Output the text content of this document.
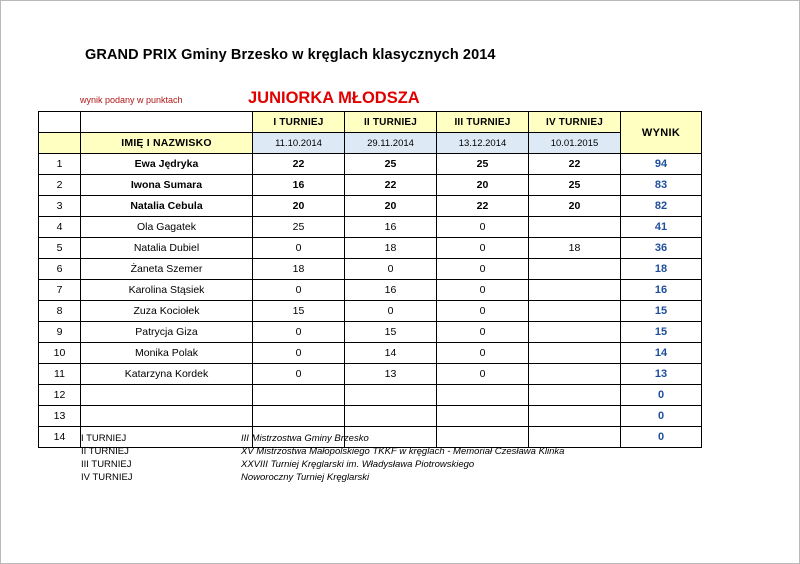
GRAND PRIX Gminy Brzesko w kręglach klasycznych 2014
wynik podany w punktach	JUNIORKA MŁODSZA
		I TURNIEJ	II TURNIEJ	III TURNIEJ	IV TURNIEJ	WYNIK
	IMIĘ I NAZWISKO	11.10.2014	29.11.2014	13.12.2014	10.01.2015	
1	Ewa Jędryka	22	25	25	22	94
2	Iwona Sumara	16	22	20	25	83
3	Natalia Cebula	20	20	22	20	82
4	Ola Gagatek	25	16	0		41
5	Natalia Dubiel	0	18	0	18	36
6	Żaneta Szemer	18	0	0		18
7	Karolina Stąsiek	0	16	0		16
8	Zuza Kociołek	15	0	0		15
9	Patrycja Giza	0	15	0		15
10	Monika Polak	0	14	0		14
11	Katarzyna Kordek	0	13	0		13
12						0
13						0
14						0
I TURNIEJ	III Mistrzostwa Gminy Brzesko
II TURNIEJ	XV Mistrzostwa Małopolskiego TKKF w kręglach - Memoriał Czesława Klinka
III TURNIEJ	XXVIII Turniej Kręglarski im. Władysława Piotrowskiego
IV TURNIEJ	Noworoczny Turniej Kręglarski
